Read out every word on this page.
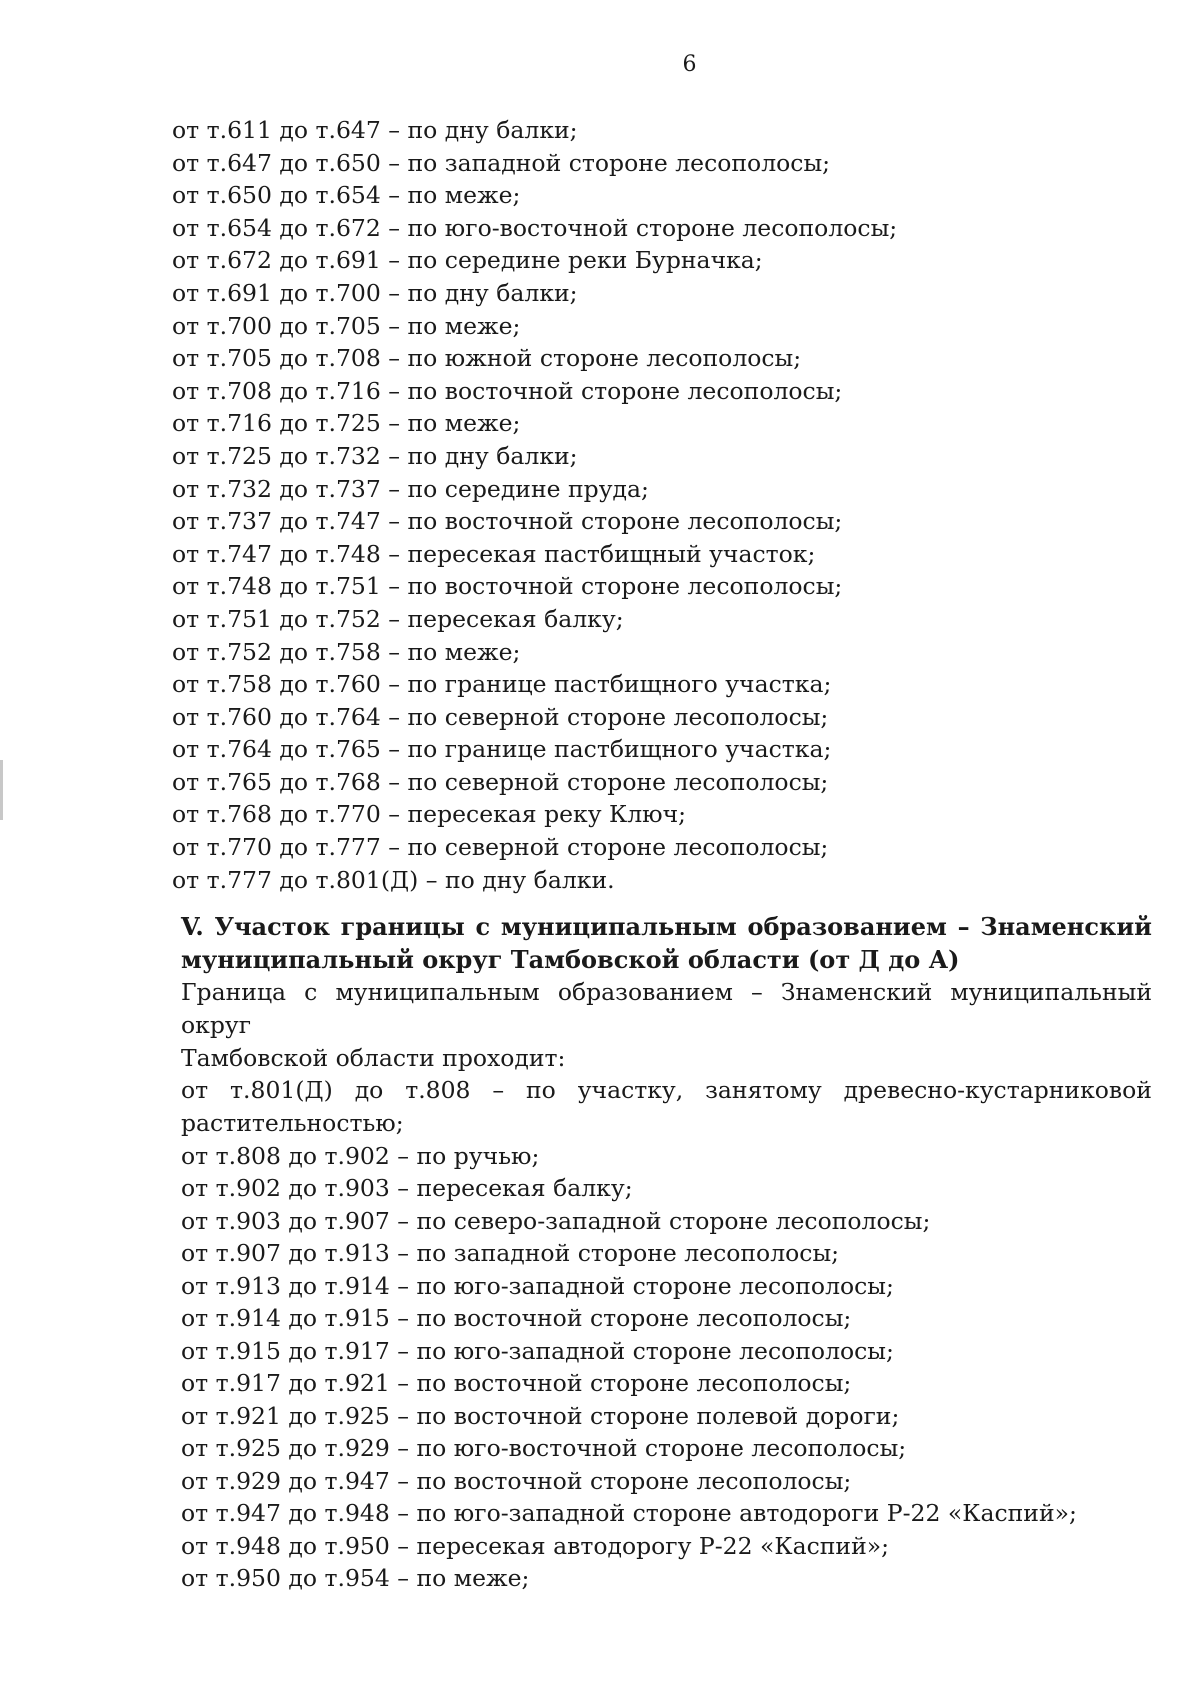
6
от т.611 до т.647 – по дну балки;
от т.647 до т.650 – по западной стороне лесополосы;
от т.650 до т.654 – по меже;
от т.654 до т.672 – по юго-восточной стороне лесополосы;
от т.672 до т.691 – по середине реки Бурначка;
от т.691 до т.700 – по дну балки;
от т.700 до т.705 – по меже;
от т.705 до т.708 – по южной стороне лесополосы;
от т.708 до т.716 – по восточной стороне лесополосы;
от т.716 до т.725 – по меже;
от т.725 до т.732 – по дну балки;
от т.732 до т.737 – по середине пруда;
от т.737 до т.747 – по восточной стороне лесополосы;
от т.747 до т.748 – пересекая пастбищный участок;
от т.748 до т.751 – по восточной стороне лесополосы;
от т.751 до т.752 – пересекая балку;
от т.752 до т.758 – по меже;
от т.758 до т.760 – по границе пастбищного участка;
от т.760 до т.764 – по северной стороне лесополосы;
от т.764 до т.765 – по границе пастбищного участка;
от т.765 до т.768 – по северной стороне лесополосы;
от т.768 до т.770 – пересекая реку Ключ;
от т.770 до т.777 – по северной стороне лесополосы;
от т.777 до т.801(Д) – по дну балки.
V. Участок границы с муниципальным образованием – Знаменский
муниципальный округ Тамбовской области (от Д до А)
Граница с муниципальным образованием – Знаменский муниципальный округ
Тамбовской области проходит:
от т.801(Д) до т.808 – по участку, занятому древесно-кустарниковой
растительностью;
от т.808 до т.902 – по ручью;
от т.902 до т.903 – пересекая балку;
от т.903 до т.907 – по северо-западной стороне лесополосы;
от т.907 до т.913 – по западной стороне лесополосы;
от т.913 до т.914 – по юго-западной стороне лесополосы;
от т.914 до т.915 – по восточной стороне лесополосы;
от т.915 до т.917 – по юго-западной стороне лесополосы;
от т.917 до т.921 – по восточной стороне лесополосы;
от т.921 до т.925 – по восточной стороне полевой дороги;
от т.925 до т.929 – по юго-восточной стороне лесополосы;
от т.929 до т.947 – по восточной стороне лесополосы;
от т.947 до т.948 – по юго-западной стороне автодороги Р-22 «Каспий»;
от т.948 до т.950 – пересекая автодорогу Р-22 «Каспий»;
от т.950 до т.954 – по меже;
